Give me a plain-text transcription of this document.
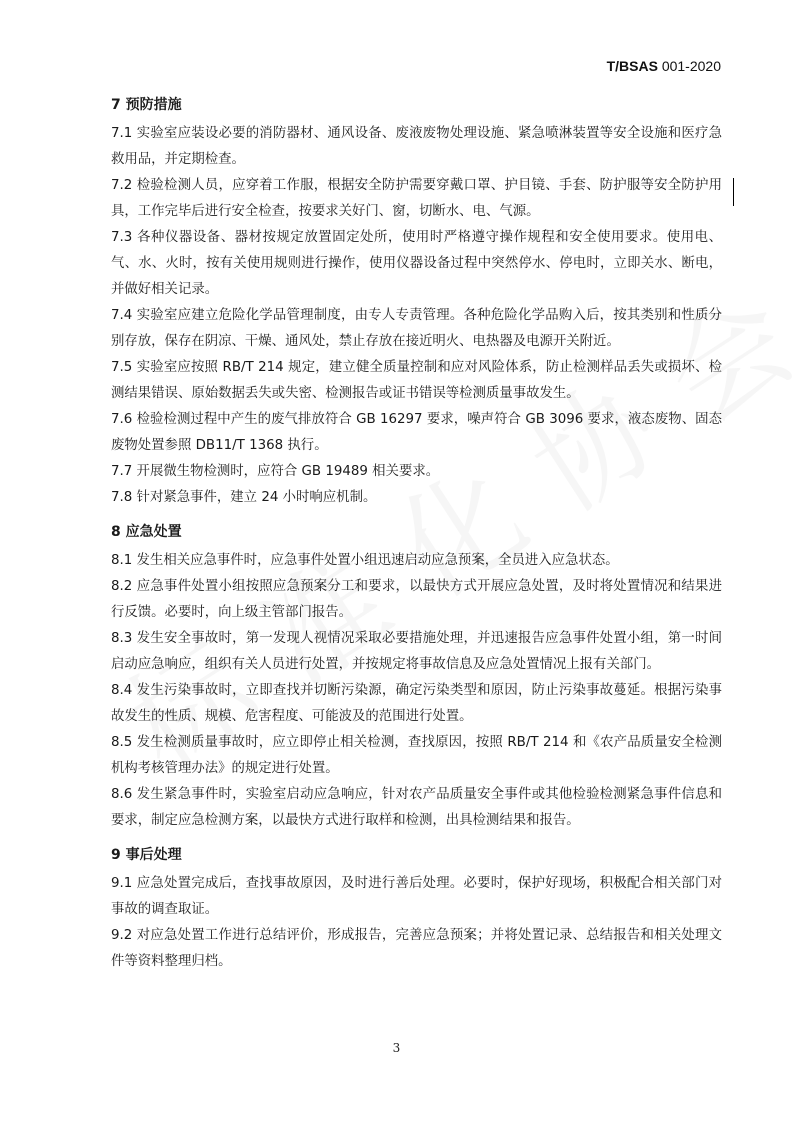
T/BSAS 001-2020
7 预防措施

7.1 实验室应装设必要的消防器材、通风设备、废液废物处理设施、紧急喷淋装置等安全设施和医疗急救用品，并定期检查。

7.2 检验检测人员，应穿着工作服，根据安全防护需要穿戴口罩、护目镜、手套、防护服等安全防护用具，工作完毕后进行安全检查，按要求关好门、窗，切断水、电、气源。

7.3 各种仪器设备、器材按规定放置固定处所，使用时严格遵守操作规程和安全使用要求。使用电、气、水、火时，按有关使用规则进行操作，使用仪器设备过程中突然停水、停电时，立即关水、断电，并做好相关记录。

7.4 实验室应建立危险化学品管理制度，由专人专责管理。各种危险化学品购入后，按其类别和性质分别存放，保存在阴凉、干燥、通风处，禁止存放在接近明火、电热器及电源开关附近。

7.5 实验室应按照 RB/T 214 规定，建立健全质量控制和应对风险体系，防止检测样品丢失或损坏、检测结果错误、原始数据丢失或失密、检测报告或证书错误等检测质量事故发生。

7.6 检验检测过程中产生的废气排放符合 GB 16297 要求，噪声符合 GB 3096 要求，液态废物、固态废物处置参照 DB11/T 1368 执行。

7.7 开展微生物检测时，应符合 GB 19489 相关要求。

7.8 针对紧急事件，建立 24 小时响应机制。

8 应急处置

8.1 发生相关应急事件时，应急事件处置小组迅速启动应急预案，全员进入应急状态。

8.2 应急事件处置小组按照应急预案分工和要求，以最快方式开展应急处置，及时将处置情况和结果进行反馈。必要时，向上级主管部门报告。

8.3 发生安全事故时，第一发现人视情况采取必要措施处理，并迅速报告应急事件处置小组，第一时间启动应急响应，组织有关人员进行处置，并按规定将事故信息及应急处置情况上报有关部门。

8.4 发生污染事故时，立即查找并切断污染源，确定污染类型和原因，防止污染事故蔓延。根据污染事故发生的性质、规模、危害程度、可能波及的范围进行处置。

8.5 发生检测质量事故时，应立即停止相关检测，查找原因，按照 RB/T 214 和《农产品质量安全检测机构考核管理办法》的规定进行处置。

8.6 发生紧急事件时，实验室启动应急响应，针对农产品质量安全事件或其他检验检测紧急事件信息和要求，制定应急检测方案，以最快方式进行取样和检测，出具检测结果和报告。

9 事后处理

9.1 应急处置完成后，查找事故原因，及时进行善后处理。必要时，保护好现场，积极配合相关部门对事故的调查取证。

9.2 对应急处置工作进行总结评价，形成报告，完善应急预案；并将处置记录、总结报告和相关处理文件等资料整理归档。

3
